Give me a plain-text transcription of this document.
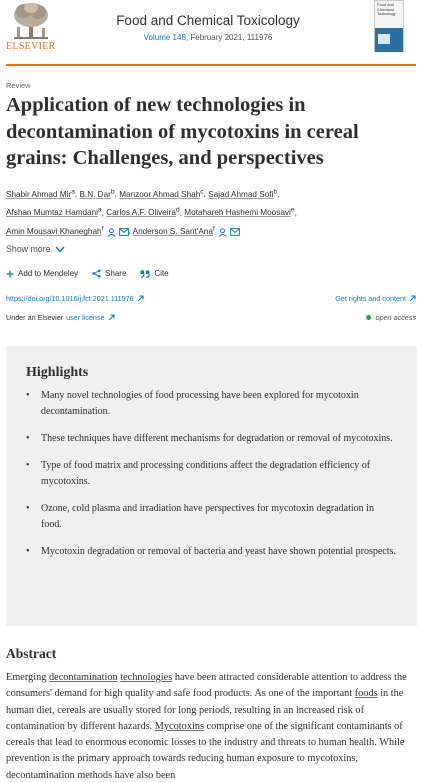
ELSEVIER
Food and Chemical Toxicology
Volume 148, February 2021, 111976
Food and
Chemical
Toxicology
Review
Application of new technologies in decontamination of mycotoxins in cereal grains: Challenges, and perspectives
Shabir Ahmad Mir$^a$, B.N. Dar$^b$, Manzoor Ahmad Shah$^c$, Sajad Ahmad Sofi$^b$,
Afshan Mumtaz Hamdani$^a$, Carlos A.F. Oliveira$^d$, Motahareh Hashemi Moosavi$^e$,
Amin Mousavi Khaneghah$^f$	, Anderson S. Sant'Ana$^f$
Show more
Add to Mendeley	Share	Cite
https://doi.org/10.1016/j.fct.2021.111976	Get rights and content
Under an Elsevier user license	open access
Highlights
• Many novel technologies of food processing have been explored for mycotoxin decontamination.
• These techniques have different mechanisms for degradation or removal of mycotoxins.
• Type of food matrix and processing conditions affect the degradation efficiency of mycotoxins.
• Ozone, cold plasma and irradiation have perspectives for mycotoxin degradation in food.
• Mycotoxin degradation or removal of bacteria and yeast have shown potential prospects.
Abstract

Emerging decontamination technologies have been attracted considerable attention to address the consumers' demand for high quality and safe food products. As one of the important foods in the human diet, cereals are usually stored for long periods, resulting in an increased risk of contamination by different hazards. Mycotoxins comprise one of the significant contaminants of cereals that lead to enormous economic losses to the industry and threats to human health. While prevention is the primary approach towards reducing human exposure to mycotoxins, decontamination methods have also been
